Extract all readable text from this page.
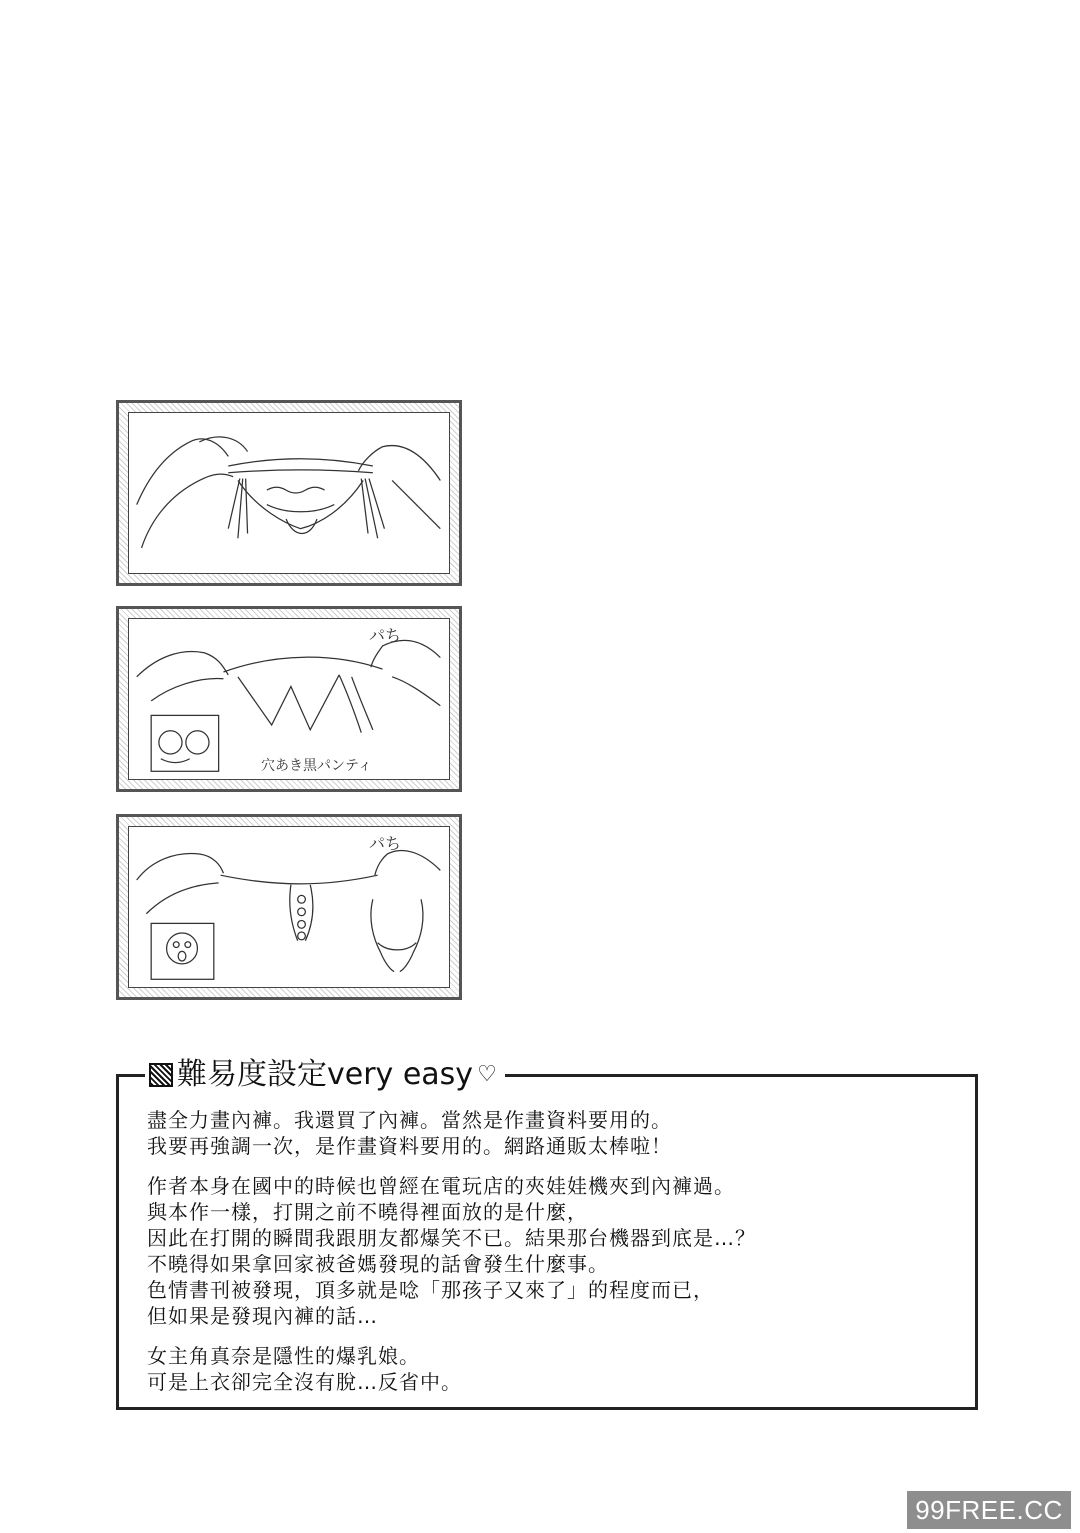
パち
穴あき黒パンティ
パち
難易度設定very easy ♡
盡全力畫內褲。我還買了內褲。當然是作畫資料要用的。
我要再強調一次，是作畫資料要用的。網路通販太棒啦！
作者本身在國中的時候也曾經在電玩店的夾娃娃機夾到內褲過。
與本作一樣，打開之前不曉得裡面放的是什麼，
因此在打開的瞬間我跟朋友都爆笑不已。結果那台機器到底是…？
不曉得如果拿回家被爸媽發現的話會發生什麼事。
色情書刊被發現，頂多就是唸「那孩子又來了」的程度而已，
但如果是發現內褲的話…
女主角真奈是隱性的爆乳娘。
可是上衣卻完全沒有脫…反省中。
99FREE.CC
